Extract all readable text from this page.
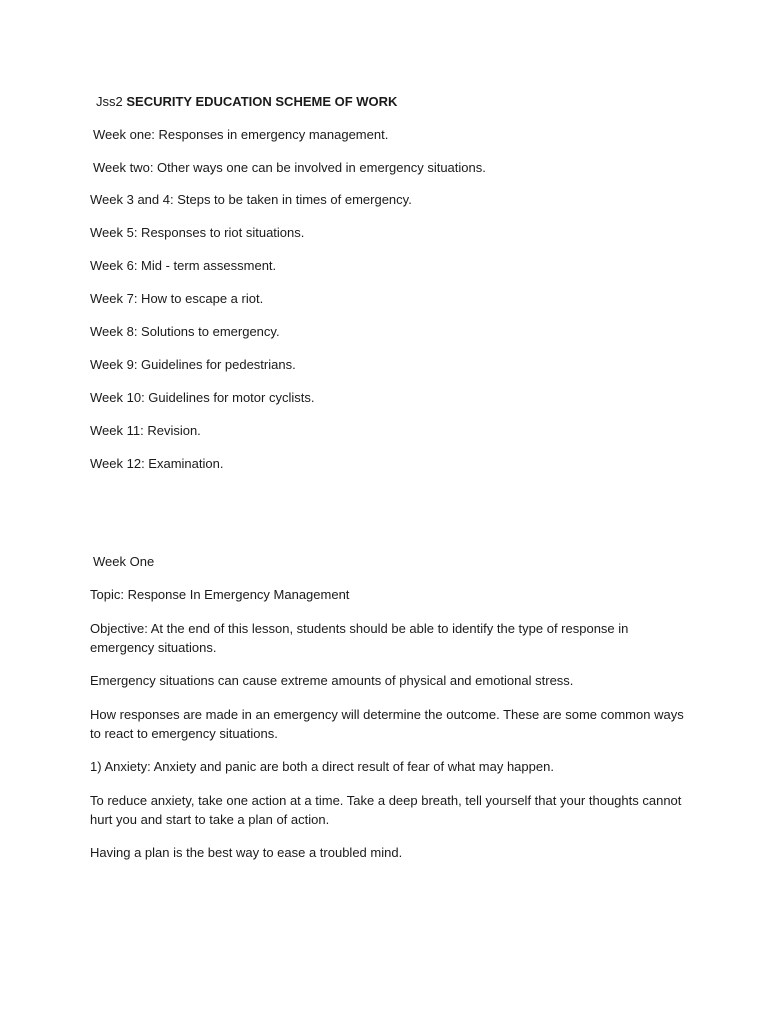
Jss2 SECURITY EDUCATION SCHEME OF WORK
Week one: Responses in emergency management.
Week two: Other ways one can be involved in emergency situations.
Week 3 and 4: Steps to be taken in times of emergency.
Week 5: Responses to riot situations.
Week 6: Mid - term assessment.
Week 7: How to escape a riot.
Week 8: Solutions to emergency.
Week 9: Guidelines for pedestrians.
Week 10: Guidelines for motor cyclists.
Week 11: Revision.
Week 12: Examination.
Week One
Topic: Response In Emergency Management
Objective: At the end of this lesson, students should be able to identify the type of response in emergency situations.
Emergency situations can cause extreme amounts of physical and emotional stress.
How responses are made in an emergency will determine the outcome. These are some common ways to react to emergency situations.
1) Anxiety: Anxiety and panic are both a direct result of fear of what may happen.
To reduce anxiety, take one action at a time. Take a deep breath, tell yourself that your thoughts cannot hurt you and start to take a plan of action.
Having a plan is the best way to ease a troubled mind.
